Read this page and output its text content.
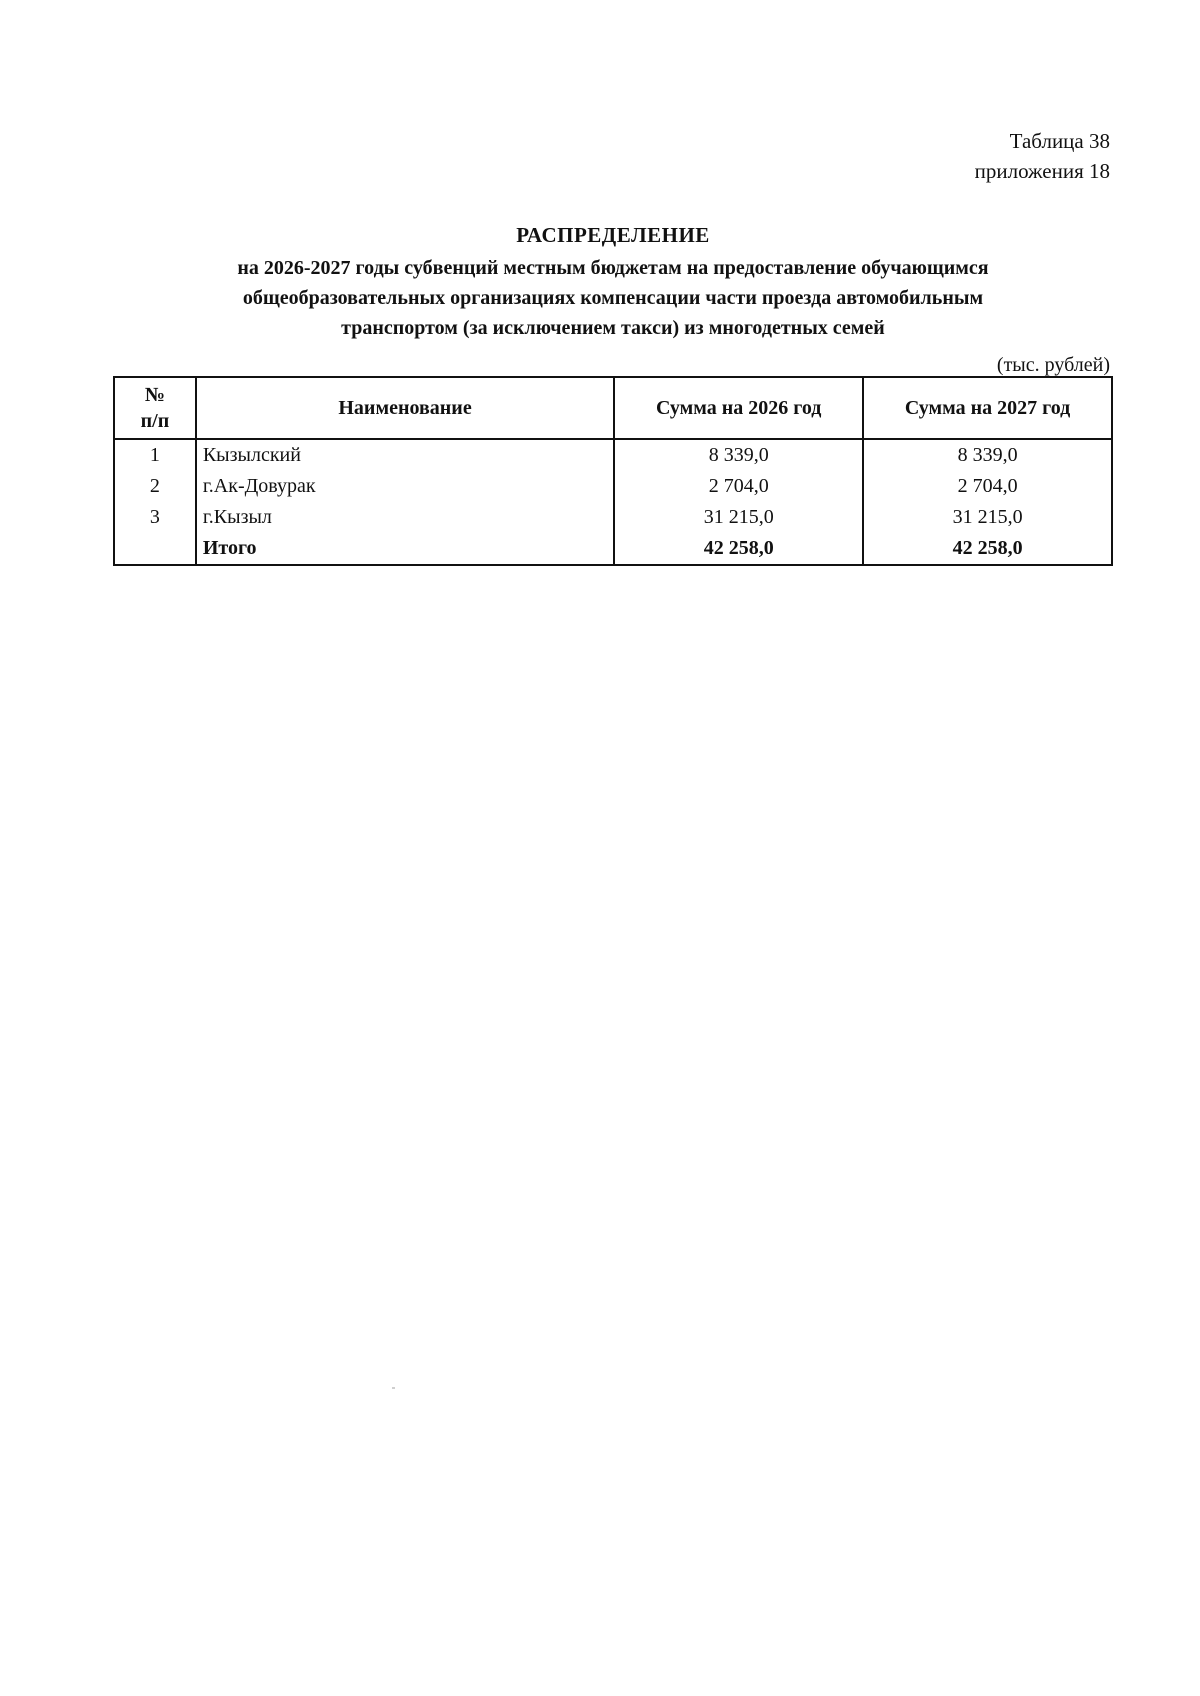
Таблица 38
приложения 18
РАСПРЕДЕЛЕНИЕ
на 2026-2027 годы субвенций местным бюджетам на предоставление обучающимся
общеобразовательных организациях компенсации части проезда автомобильным
транспортом (за исключением такси) из многодетных семей
(тыс. рублей)
№
п/п	Наименование	Сумма на 2026 год	Сумма на 2027 год
1	Кызылский	8 339,0	8 339,0
2	г.Ак-Довурак	2 704,0	2 704,0
3	г.Кызыл	31 215,0	31 215,0
	Итого	42 258,0	42 258,0
